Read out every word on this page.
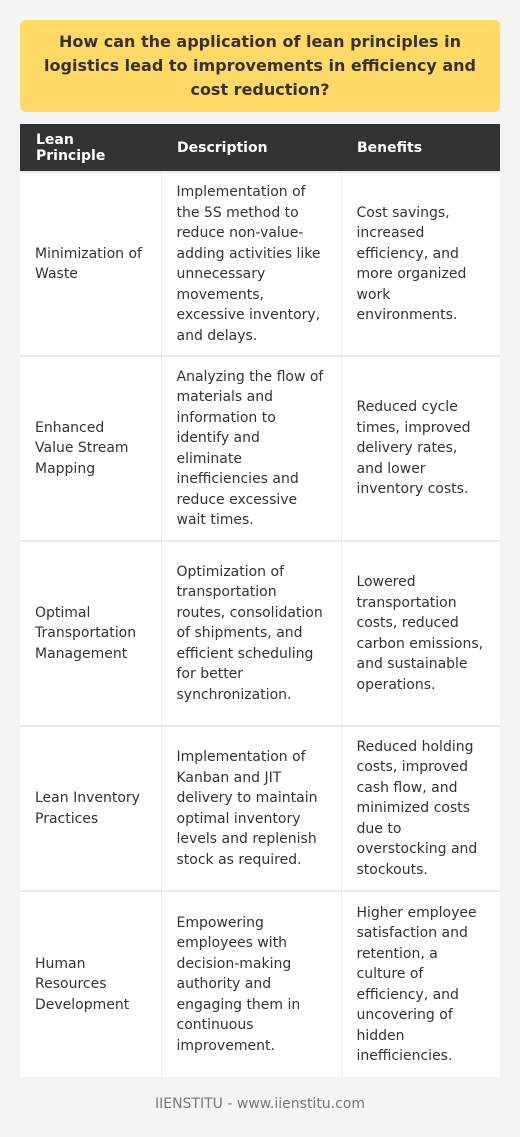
How can the application of lean principles in logistics lead to improvements in efficiency and cost reduction?
Lean Principle	Description	Benefits
Minimization of Waste	Implementation of the 5S method to reduce non-value-adding activities like unnecessary movements, excessive inventory, and delays.	Cost savings, increased efficiency, and more organized work environments.
Enhanced Value Stream Mapping	Analyzing the flow of materials and information to identify and eliminate inefficiencies and reduce excessive wait times.	Reduced cycle times, improved delivery rates, and lower inventory costs.
Optimal Transportation Management	Optimization of transportation routes, consolidation of shipments, and efficient scheduling for better synchronization.	Lowered transportation costs, reduced carbon emissions, and sustainable operations.
Lean Inventory Practices	Implementation of Kanban and JIT delivery to maintain optimal inventory levels and replenish stock as required.	Reduced holding costs, improved cash flow, and minimized costs due to overstocking and stockouts.
Human Resources Development	Empowering employees with decision-making authority and engaging them in continuous improvement.	Higher employee satisfaction and retention, a culture of efficiency, and uncovering of hidden inefficiencies.
IIENSTITU - www.iienstitu.com
